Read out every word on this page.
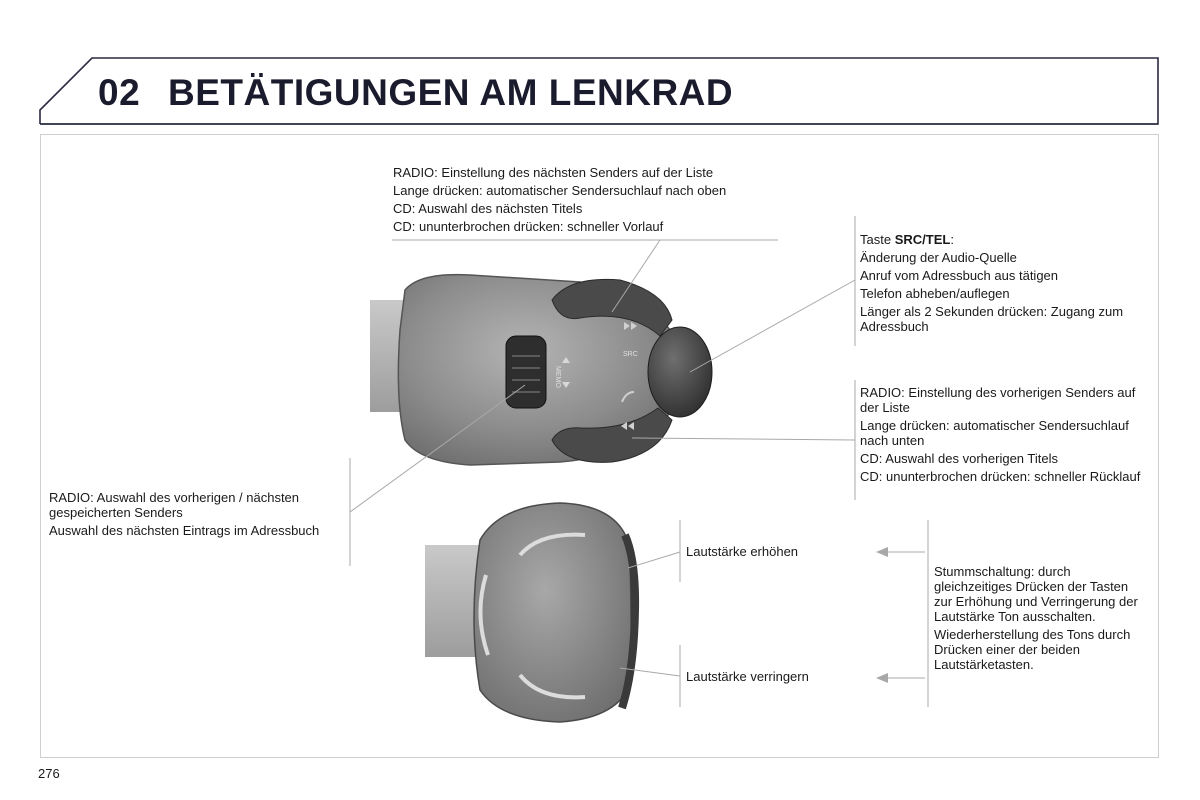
02 BETÄTIGUNGEN AM LENKRAD
SRC
MEMO

RADIO: Einstellung des nächsten Senders auf der Liste

Lange drücken: automatischer Sendersuchlauf nach oben

CD: Auswahl des nächsten Titels

CD: ununterbrochen drücken: schneller Vorlauf

Taste SRC/TEL:

Änderung der Audio-Quelle

Anruf vom Adressbuch aus tätigen

Telefon abheben/auflegen

Länger als 2 Sekunden drücken: Zugang zum Adressbuch

RADIO: Einstellung des vorherigen Senders auf der Liste

Lange drücken: automatischer Sendersuchlauf nach unten

CD: Auswahl des vorherigen Titels

CD: ununterbrochen drücken: schneller Rücklauf

RADIO: Auswahl des vorherigen / nächsten gespeicherten Senders

Auswahl des nächsten Eintrags im Adressbuch

Lautstärke erhöhen
Lautstärke verringern

Stummschaltung: durch gleichzeitiges Drücken der Tasten zur Erhöhung und Verringerung der Lautstärke Ton ausschalten.

Wiederherstellung des Tons durch Drücken einer der beiden Lautstärketasten.

276
